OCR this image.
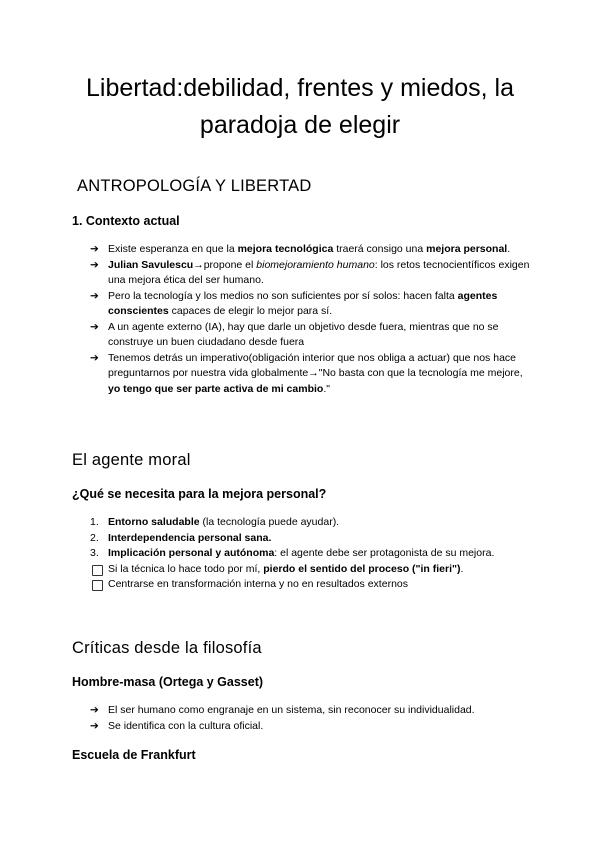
Libertad:debilidad, frentes y miedos, la
paradoja de elegir
ANTROPOLOGÍA Y LIBERTAD
1. Contexto actual
➔ Existe esperanza en que la mejora tecnológica traerá consigo una mejora personal.
➔ Julian Savulescu→propone el biomejoramiento humano: los retos tecnocientíficos exigen una mejora ética del ser humano.
➔ Pero la tecnología y los medios no son suficientes por sí solos: hacen falta agentes conscientes capaces de elegir lo mejor para sí.
➔ A un agente externo (IA), hay que darle un objetivo desde fuera, mientras que no se construye un buen ciudadano desde fuera
➔ Tenemos detrás un imperativo(obligación interior que nos obliga a actuar) que nos hace preguntarnos por nuestra vida globalmente→"No basta con que la tecnología me mejore, yo tengo que ser parte activa de mi cambio."
El agente moral
¿Qué se necesita para la mejora personal?
1. Entorno saludable (la tecnología puede ayudar).
2. Interdependencia personal sana.
3. Implicación personal y autónoma: el agente debe ser protagonista de su mejora.
Si la técnica lo hace todo por mí, pierdo el sentido del proceso ("in fieri").
Centrarse en transformación interna y no en resultados externos
Críticas desde la filosofía
Hombre-masa (Ortega y Gasset)
➔ El ser humano como engranaje en un sistema, sin reconocer su individualidad.
➔ Se identifica con la cultura oficial.
Escuela de Frankfurt
